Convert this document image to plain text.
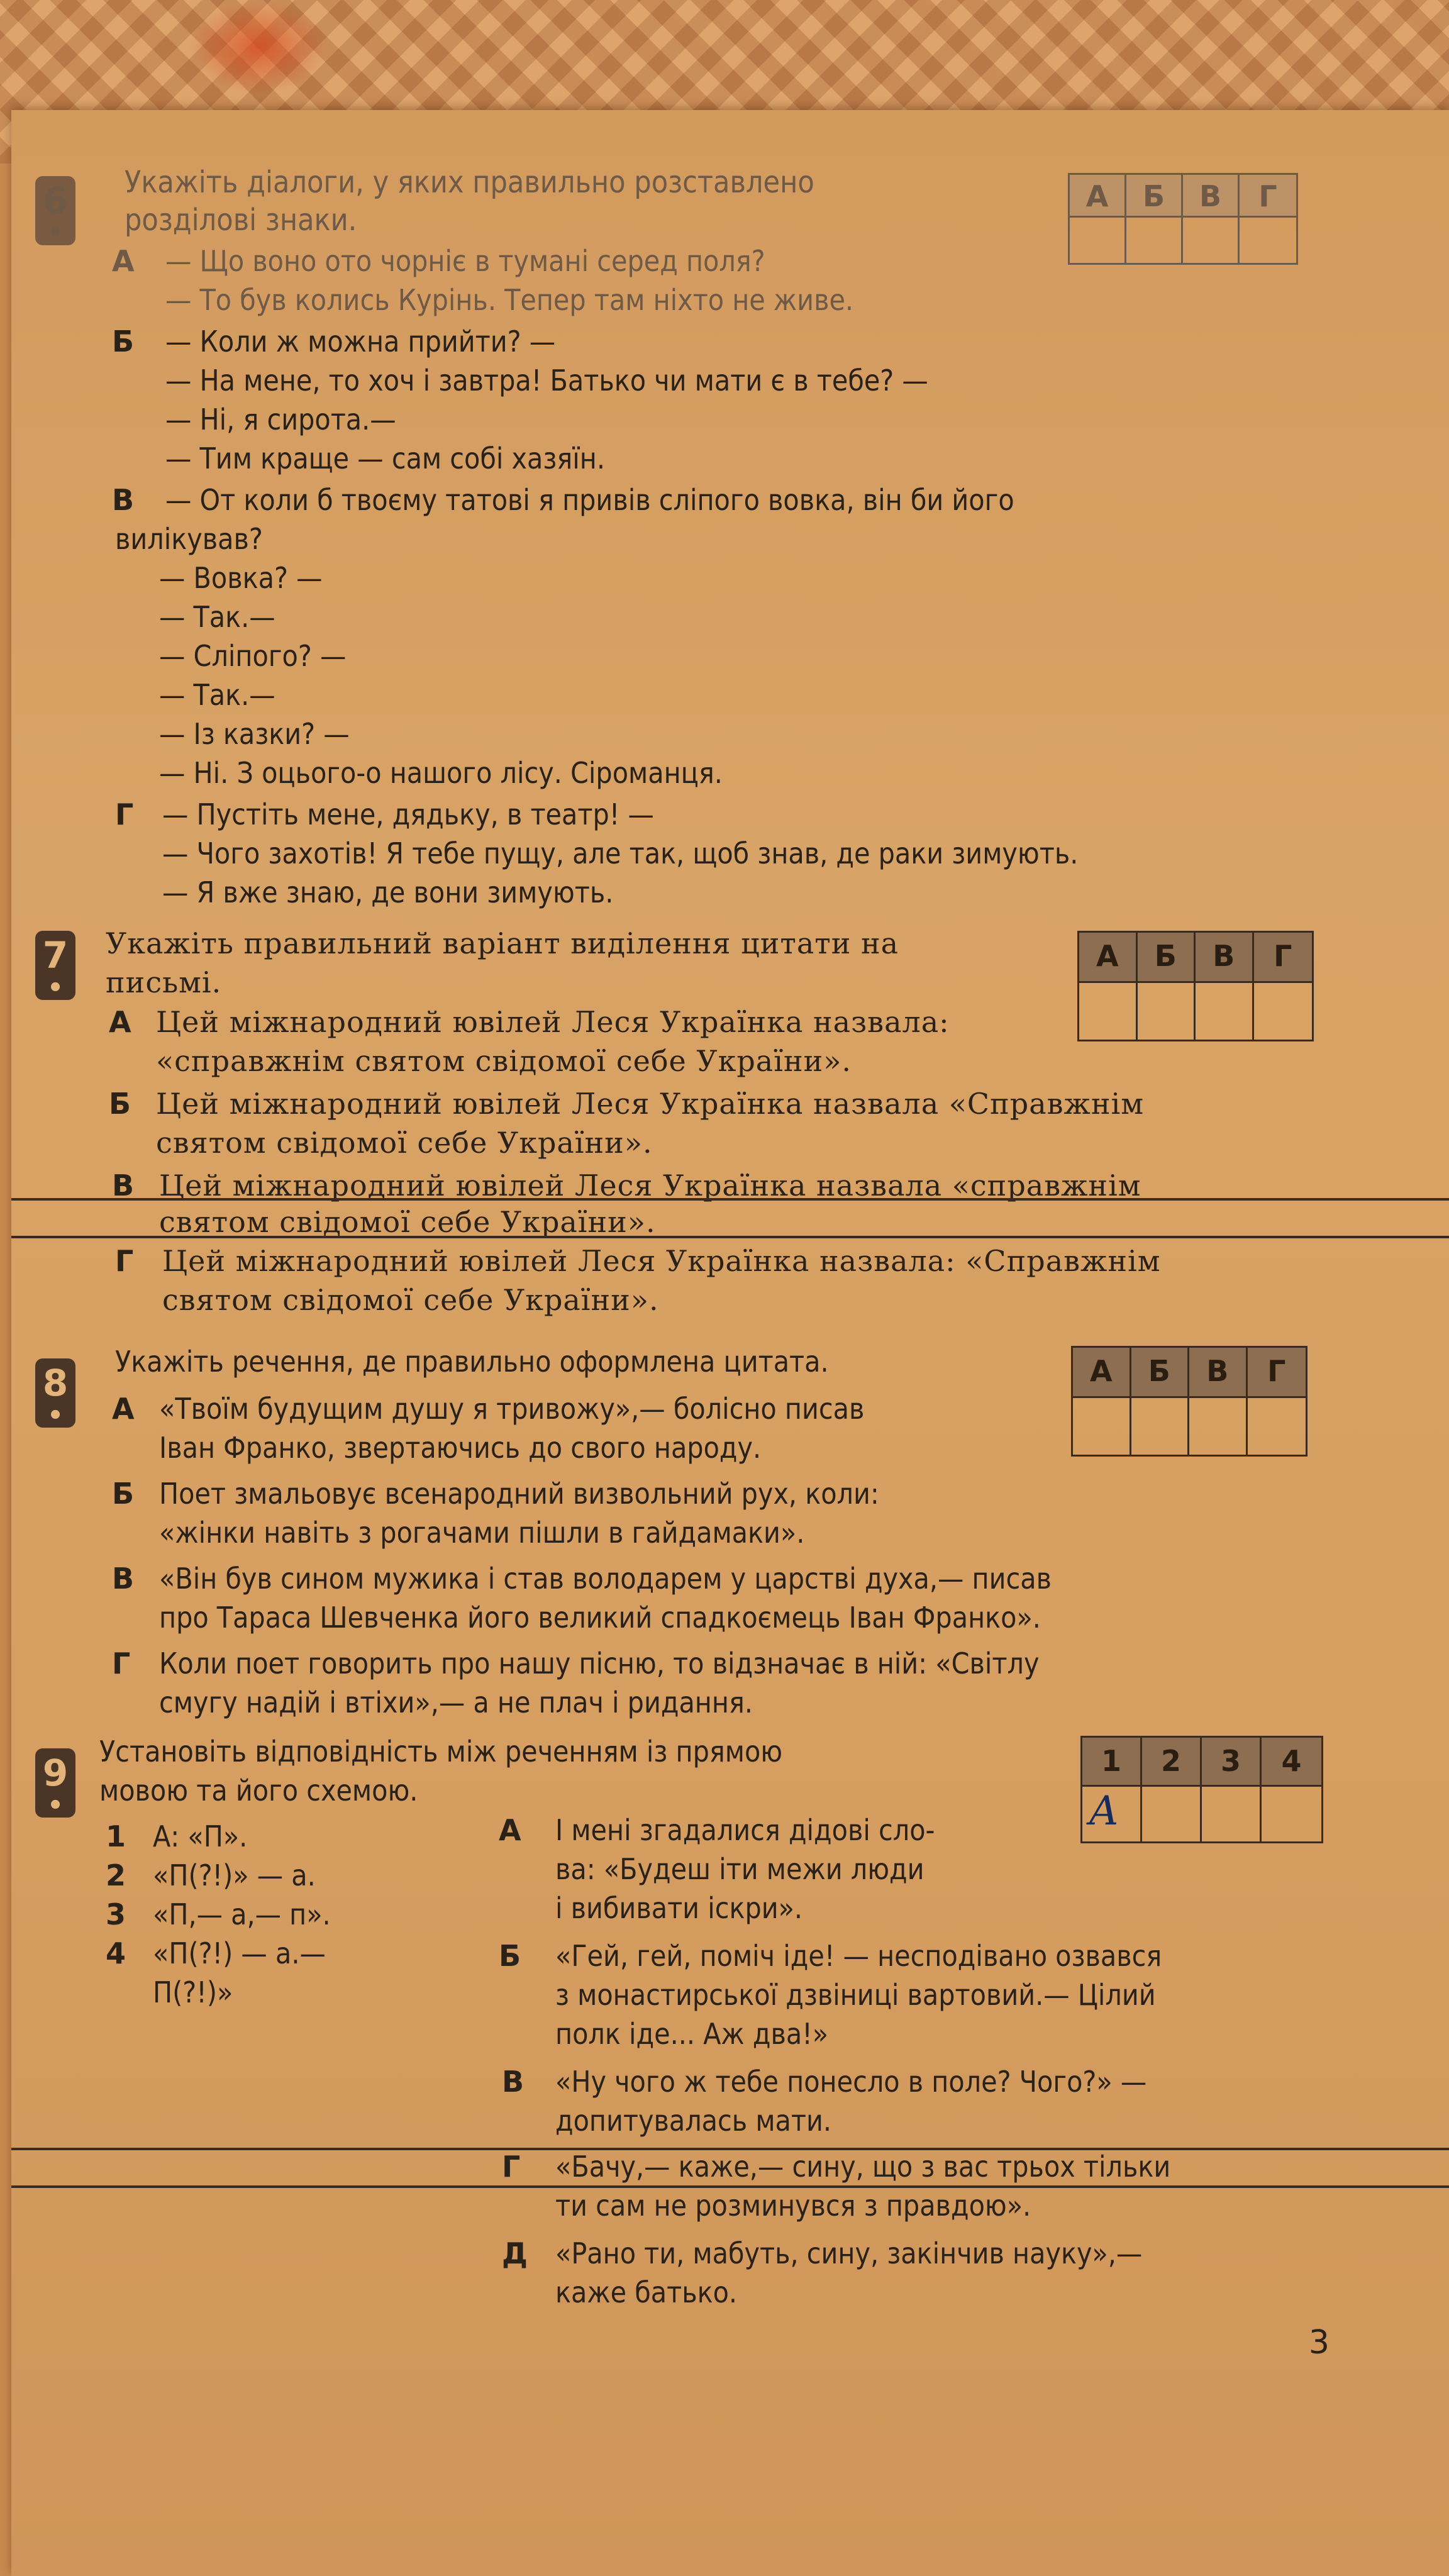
6
•
Укажіть діалоги, у яких правильно розставлено
розділові знаки.
А	Б	В	Г
А — Що воно ото чорніє в тумані серед поля?
— То був колись Курінь. Тепер там ніхто не живе.
Б — Коли ж можна прийти? —
— На мене, то хоч і завтра! Батько чи мати є в тебе? —
— Ні, я сирота.—
— Тим краще — сам собі хазяїн.
В — От коли б твоєму татові я привів сліпого вовка, він би його
вилікував?
— Вовка? —
— Так.—
— Сліпого? —
— Так.—
— Із казки? —
— Ні. З оцього-о нашого лісу. Сіроманця.
Г — Пустіть мене, дядьку, в театр! —
— Чого захотів! Я тебе пущу, але так, щоб знав, де раки зимують.
— Я вже знаю, де вони зимують.
7
•
Укажіть правильний варіант виділення цитати на
письмі.
А	Б	В	Г
А Цей міжнародний ювілей Леся Українка назвала:
«справжнім святом свідомої себе України».
Б Цей міжнародний ювілей Леся Українка назвала «Справжнім
святом свідомої себе України».
В Цей міжнародний ювілей Леся Українка назвала «справжнім
святом свідомої себе України».
Г Цей міжнародний ювілей Леся Українка назвала: «Справжнім
святом свідомої себе України».
8
•
Укажіть речення, де правильно оформлена цитата.	А	Б	В	Г
А «Твоїм будущим душу я тривожу»,— болісно писав
Іван Франко, звертаючись до свого народу.
Б Поет змальовує всенародний визвольний рух, коли:
«жінки навіть з рогачами пішли в гайдамаки».
В «Він був сином мужика і став володарем у царстві духа,— писав
про Тараса Шевченка його великий спадкоємець Іван Франко».
Г Коли поет говорить про нашу пісню, то відзначає в ній: «Світлу
смугу надій і втіхи»,— а не плач і ридання.
9
•
Установіть відповідність між реченням із прямою
мовою та його схемою.
1	2	3	4
А
1 А: «П».
2 «П(?!)» — а.
3 «П,— а,— п».
4 «П(?!) — а.—
П(?!)»
А І мені згадалися дідові сло-
ва: «Будеш іти межи люди
і вибивати іскри».
Б «Гей, гей, поміч іде! — несподівано озвався
з монастирської дзвіниці вартовий.— Цілий
полк іде... Аж два!»
В «Ну чого ж тебе понесло в поле? Чого?» —
допитувалась мати.
Г «Бачу,— каже,— сину, що з вас трьох тільки
ти сам не розминувся з правдою».
Д «Рано ти, мабуть, сину, закінчив науку»,—
каже батько.
3
